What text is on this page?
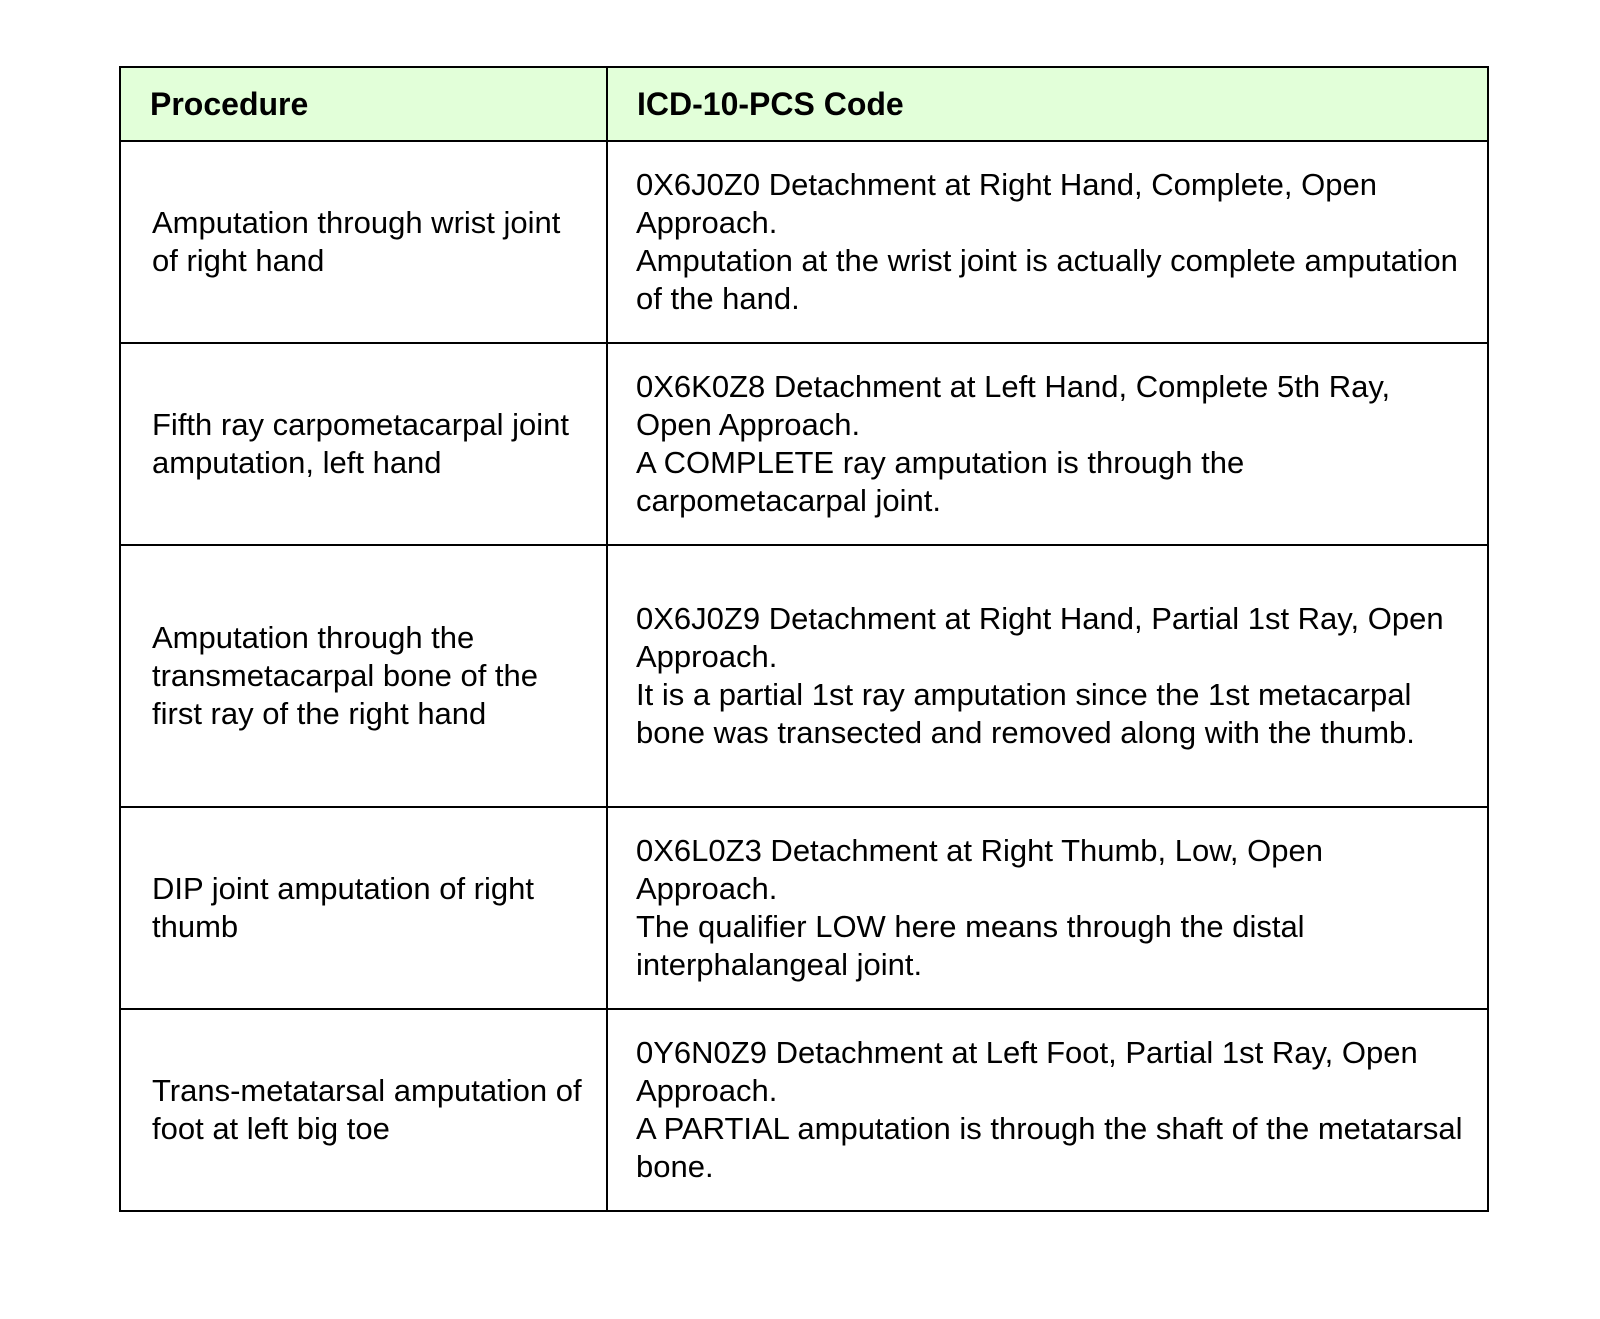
Procedure	ICD-10-PCS Code
Amputation through wrist joint of right hand	0X6J0Z0 Detachment at Right Hand, Complete, Open Approach.
Amputation at the wrist joint is actually complete amputation of the hand.

Fifth ray carpometacarpal joint amputation, left hand	0X6K0Z8 Detachment at Left Hand, Complete 5th Ray, Open Approach.
A COMPLETE ray amputation is through the carpometacarpal joint.

Amputation through the transmetacarpal bone of the first ray of the right hand	0X6J0Z9 Detachment at Right Hand, Partial 1st Ray, Open Approach.
It is a partial 1st ray amputation since the 1st metacarpal bone was transected and removed along with the thumb.

DIP joint amputation of right thumb	0X6L0Z3 Detachment at Right Thumb, Low, Open Approach.
The qualifier LOW here means through the distal interphalangeal joint.

Trans-metatarsal amputation of foot at left big toe	0Y6N0Z9 Detachment at Left Foot, Partial 1st Ray, Open Approach.
A PARTIAL amputation is through the shaft of the metatarsal bone.
